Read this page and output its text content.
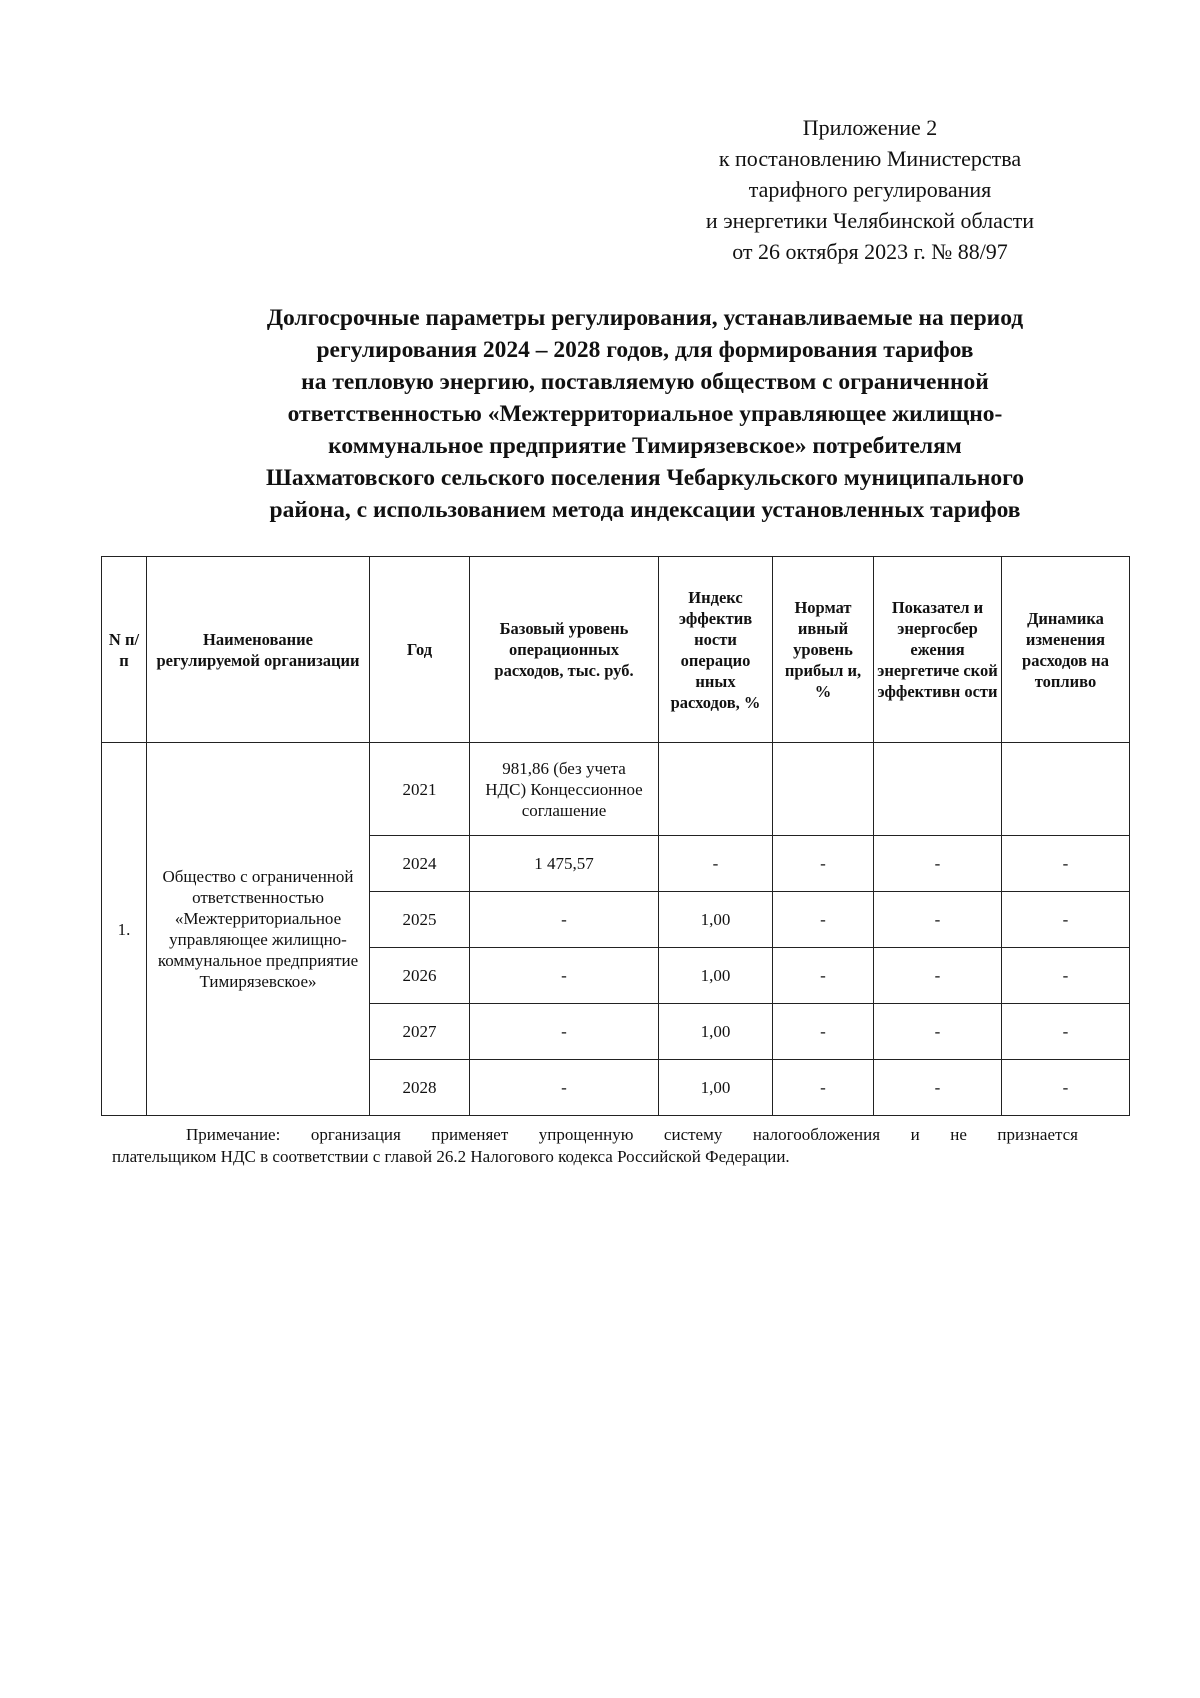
Приложение 2
к постановлению Министерства
тарифного регулирования
и энергетики Челябинской области
от 26 октября 2023 г. № 88/97
Долгосрочные параметры регулирования, устанавливаемые на период
регулирования 2024 – 2028 годов, для формирования тарифов
на тепловую энергию, поставляемую обществом с ограниченной
ответственностью «Межтерриториальное управляющее жилищно-
коммунальное предприятие Тимирязевское» потребителям
Шахматовского сельского поселения Чебаркульского муниципального
района, с использованием метода индексации установленных тарифов
N п/ п	Наименование регулируемой организации	Год	Базовый уровень операционных расходов, тыс. руб.	Индекс эффектив ности операцио нных расходов, %	Нормат ивный уровень прибыл и, %	Показател и энергосбер ежения энергетиче ской эффективн ости	Динамика изменения расходов на топливо
1.	Общество с ограниченной ответственностью «Межтерриториальное управляющее жилищно-коммунальное предприятие Тимирязевское»	2021	981,86 (без учета НДС) Концессионное соглашение				
		2024	1 475,57	-	-	-	-
		2025	-	1,00	-	-	-
		2026	-	1,00	-	-	-
		2027	-	1,00	-	-	-
		2028	-	1,00	-	-	-
Примечание: организация применяет упрощенную систему налогообложения и не признается
плательщиком НДС в соответствии с главой 26.2 Налогового кодекса Российской Федерации.
